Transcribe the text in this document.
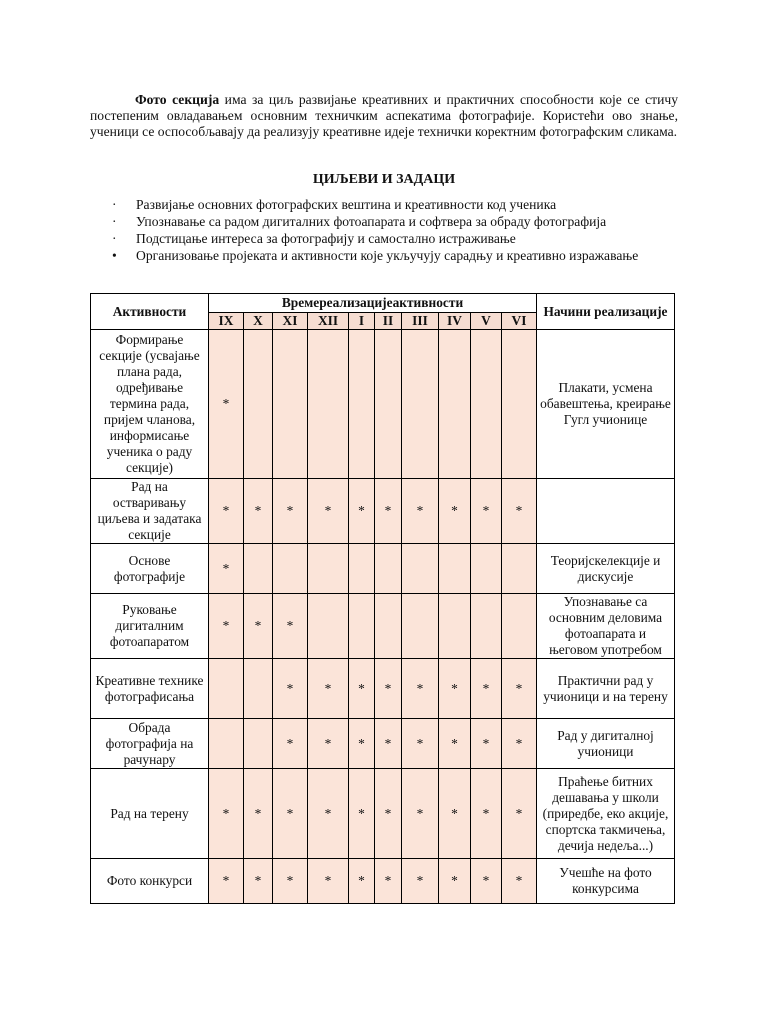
Фото секција има за циљ развијање креативних и практичних способности које се стичу постепеним овладавањем основним техничким аспекатима фотографије. Користећи ово знање, ученици се оспособљавају да реализују креативне идеје технички коректним фотографским сликама.
ЦИЉЕВИ И ЗАДАЦИ
· Развијање основних фотографских вештина и креативности код ученика
· Упознавање са радом дигиталних фотоапарата и софтвера за обраду фотографија
· Подстицање интереса за фотографију и самостално истраживање
• Организовање пројеката и активности које укључују сарадњу и креативно изражавање
Активности	Времереализацијеактивности										Начини реализације
	IX	X	XI	XII	I	II	III	IV	V	VI	
Формирање секције (усвајање плана рада, одређивање термина рада, пријем чланова, информисање ученика о раду секције)	*										Плакати, усмена обавештења, креирање Гугл учионице
Рад на остваривању циљева и задатака секције	*	*	*	*	*	*	*	*	*	*	
Основе фотографије	*										Теоријскелекције и дискусије
Руковање дигиталним фотоапаратом	*	*	*								Упознавање са основним деловима фотоапарата и његовом употребом
Креативне технике фотографисања			*	*	*	*	*	*	*	*	Практични рад у учионици и на терену
Обрада фотографија на рачунару			*	*	*	*	*	*	*	*	Рад у дигиталној учионици
Рад на терену	*	*	*	*	*	*	*	*	*	*	Праћење битних дешавања у школи (приредбе, еко акције, спортска такмичења, дечија недеља...)
Фото конкурси	*	*	*	*	*	*	*	*	*	*	Учешће на фото конкурсима
